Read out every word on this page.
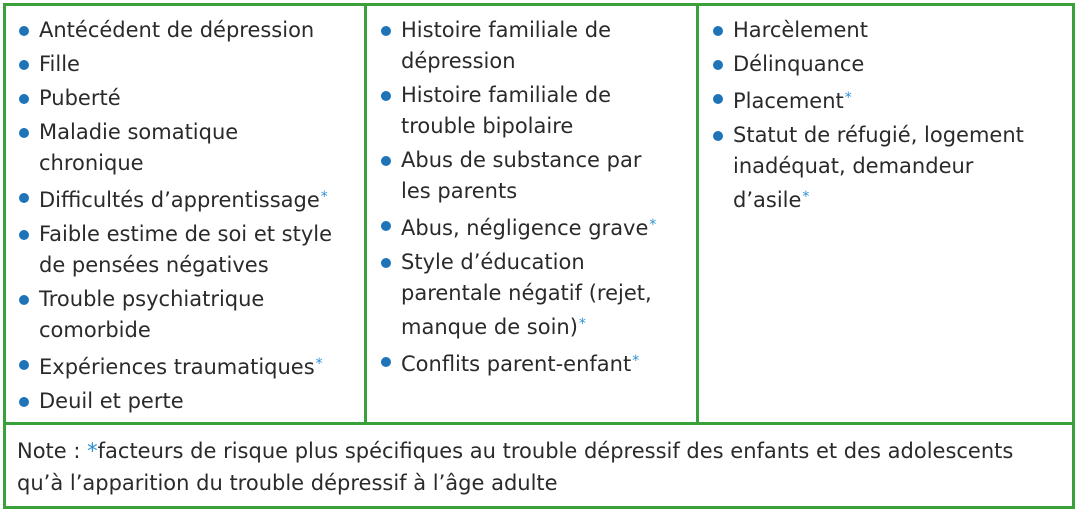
Antécédent de dépression
Fille
Puberté
Maladie somatique
chronique
Difficultés d’apprentissage*
Faible estime de soi et style
de pensées négatives
Trouble psychiatrique
comorbide
Expériences traumatiques*
Deuil et perte
Histoire familiale de
dépression
Histoire familiale de
trouble bipolaire
Abus de substance par
les parents
Abus, négligence grave*
Style d’éducation
parentale négatif (rejet,
manque de soin)*
Conflits parent-enfant*
Harcèlement
Délinquance
Placement*
Statut de réfugié, logement
inadéquat, demandeur
d’asile*
Note : *facteurs de risque plus spécifiques au trouble dépressif des enfants et des adolescents qu’à l’apparition du trouble dépressif à l’âge adulte
